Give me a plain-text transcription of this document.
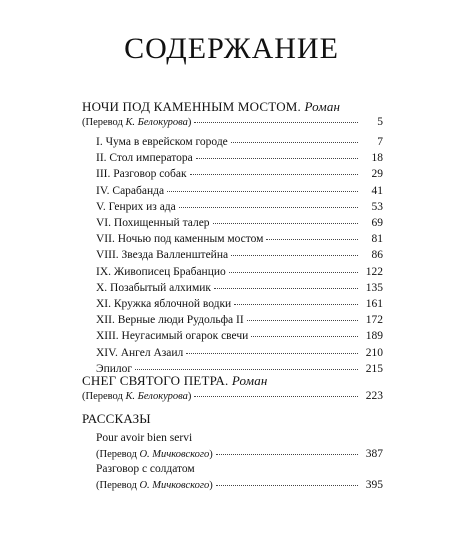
СОДЕРЖАНИЕ
НОЧИ ПОД КАМЕННЫМ МОСТОМ. Роман
(Перевод К. Белокурова)	5
I. Чума в еврейском городе	7
II. Стол императора	18
III. Разговор собак	29
IV. Сарабанда	41
V. Генрих из ада	53
VI. Похищенный талер	69
VII. Ночью под каменным мостом	81
VIII. Звезда Валленштейна	86
IX. Живописец Брабанцио	122
X. Позабытый алхимик	135
XI. Кружка яблочной водки	161
XII. Верные люди Рудольфа II	172
XIII. Неугасимый огарок свечи	189
XIV. Ангел Азаил	210
Эпилог	215
СНЕГ СВЯТОГО ПЕТРА. Роман
(Перевод К. Белокурова)	223
РАССКАЗЫ
Pour avoir bien servi
(Перевод О. Мичковского)	387
Разговор с солдатом
(Перевод О. Мичковского)	395
